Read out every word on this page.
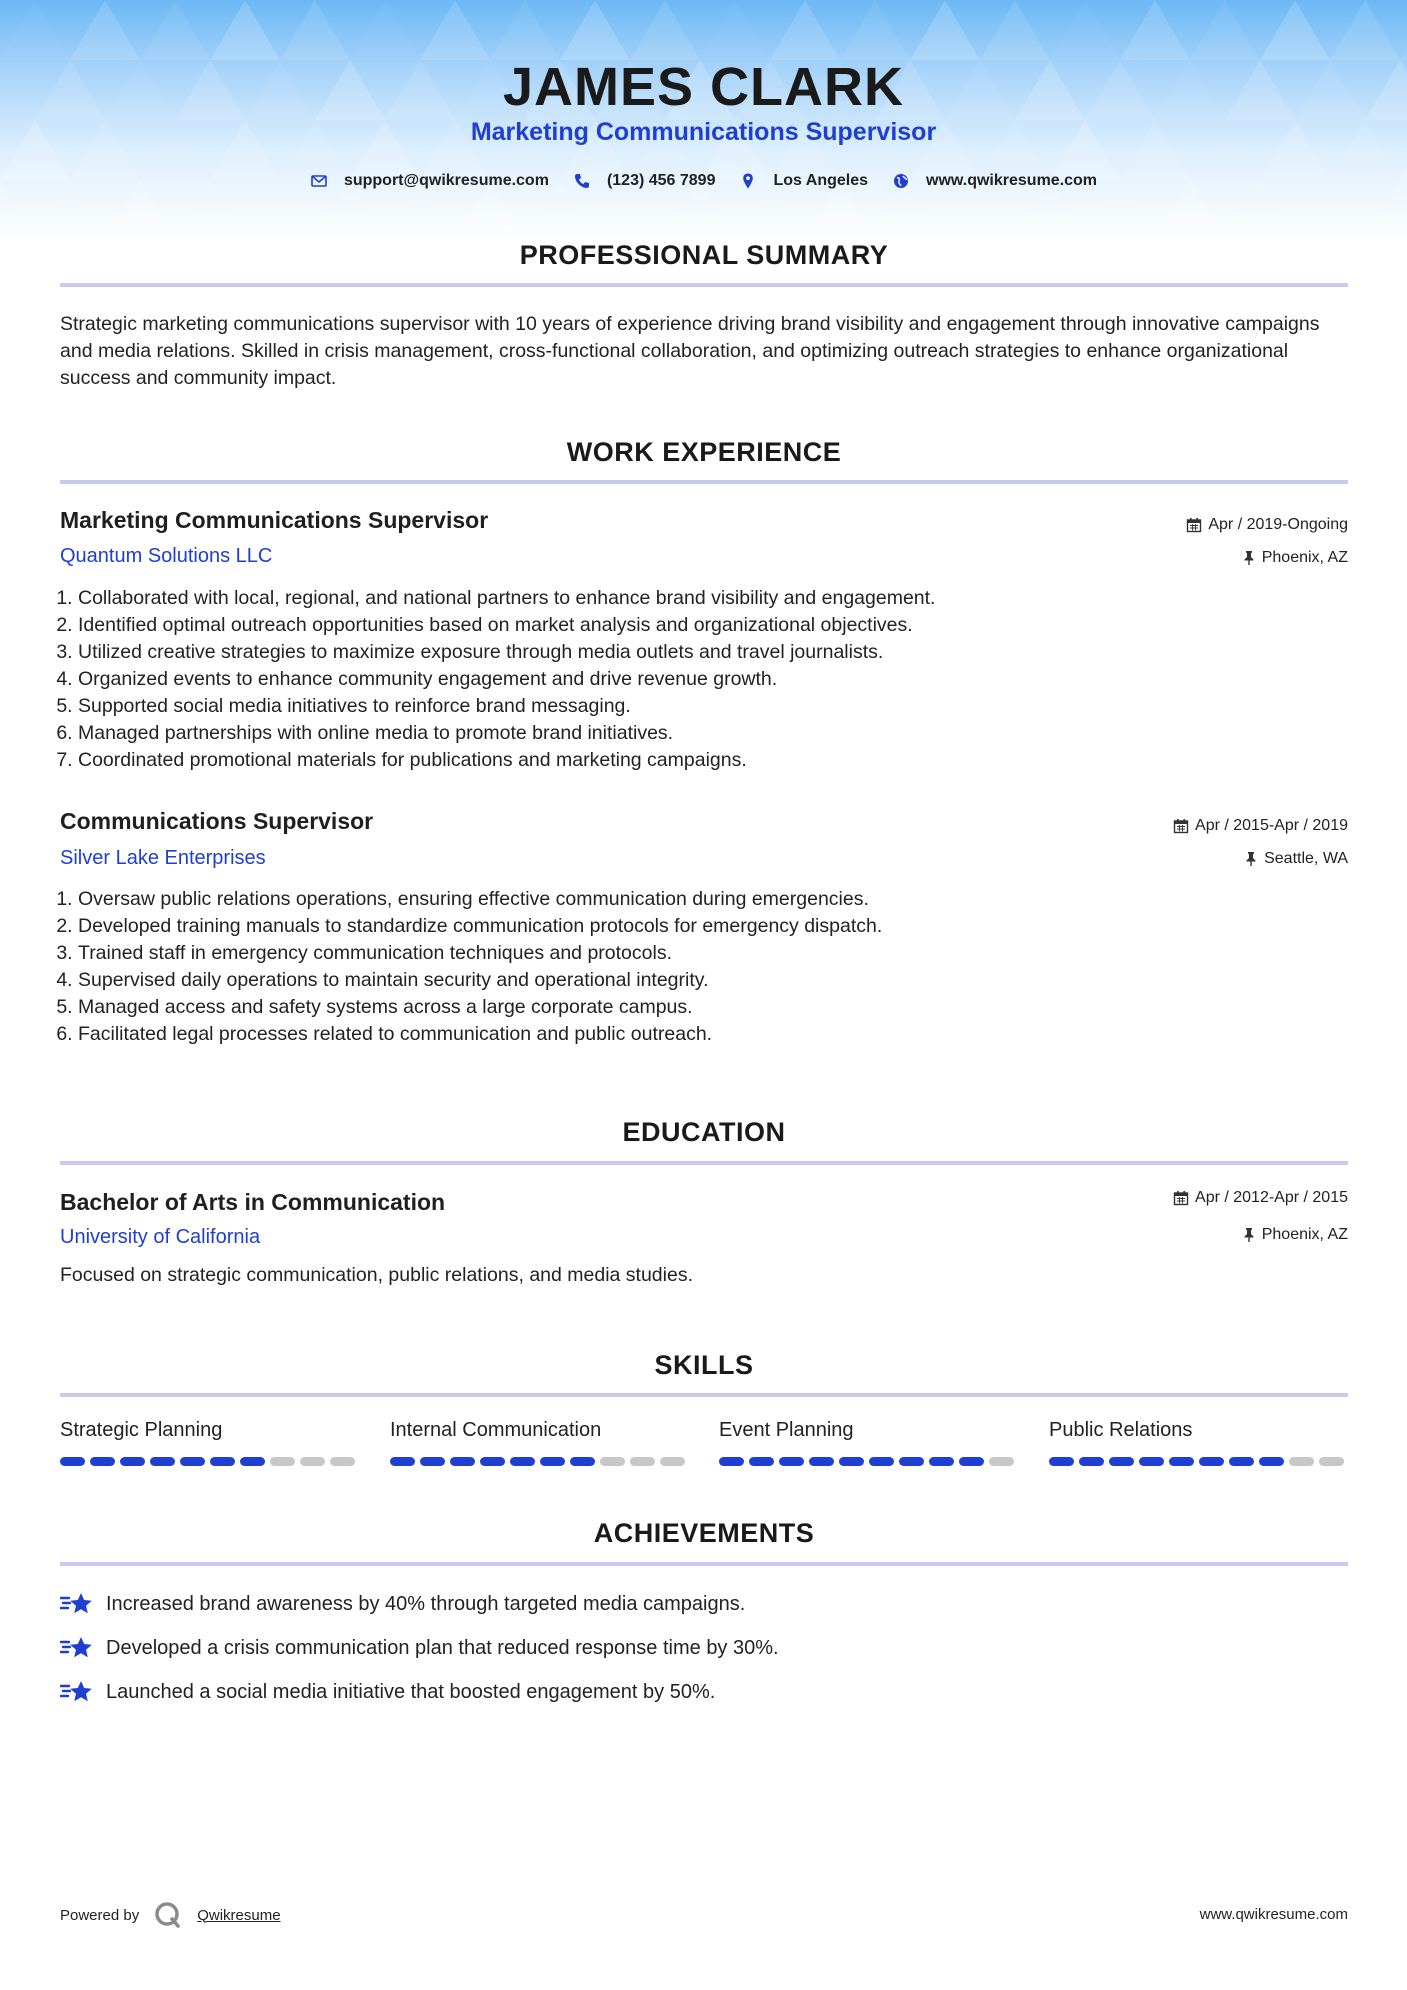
JAMES CLARK
Marketing Communications Supervisor
support@qwikresume.com	(123) 456 7899	Los Angeles	www.qwikresume.com
PROFESSIONAL SUMMARY
Strategic marketing communications supervisor with 10 years of experience driving brand visibility and engagement through innovative campaigns and media relations. Skilled in crisis management, cross-functional collaboration, and optimizing outreach strategies to enhance organizational success and community impact.
WORK EXPERIENCE
Marketing Communications Supervisor	Apr / 2019-Ongoing
Quantum Solutions LLC	Phoenix, AZ
1. Collaborated with local, regional, and national partners to enhance brand visibility and engagement.
2. Identified optimal outreach opportunities based on market analysis and organizational objectives.
3. Utilized creative strategies to maximize exposure through media outlets and travel journalists.
4. Organized events to enhance community engagement and drive revenue growth.
5. Supported social media initiatives to reinforce brand messaging.
6. Managed partnerships with online media to promote brand initiatives.
7. Coordinated promotional materials for publications and marketing campaigns.
Communications Supervisor	Apr / 2015-Apr / 2019
Silver Lake Enterprises	Seattle, WA
1. Oversaw public relations operations, ensuring effective communication during emergencies.
2. Developed training manuals to standardize communication protocols for emergency dispatch.
3. Trained staff in emergency communication techniques and protocols.
4. Supervised daily operations to maintain security and operational integrity.
5. Managed access and safety systems across a large corporate campus.
6. Facilitated legal processes related to communication and public outreach.
EDUCATION
Bachelor of Arts in Communication	Apr / 2012-Apr / 2015
University of California	Phoenix, AZ
Focused on strategic communication, public relations, and media studies.
SKILLS
Strategic Planning	Internal Communication	Event Planning	Public Relations
ACHIEVEMENTS
Increased brand awareness by 40% through targeted media campaigns.
Developed a crisis communication plan that reduced response time by 30%.
Launched a social media initiative that boosted engagement by 50%.
Powered by	Qwikresume	www.qwikresume.com
